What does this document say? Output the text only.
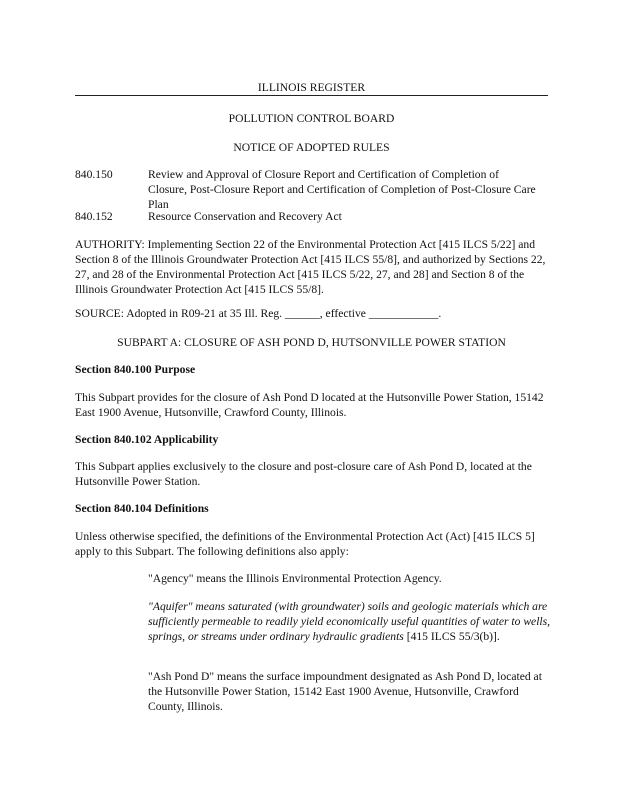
ILLINOIS REGISTER
POLLUTION CONTROL BOARD
NOTICE OF ADOPTED RULES
840.150	Review and Approval of Closure Report and Certification of Completion of Closure, Post-Closure Report and Certification of Completion of Post-Closure Care Plan
840.152	Resource Conservation and Recovery Act
AUTHORITY: Implementing Section 22 of the Environmental Protection Act [415 ILCS 5/22] and Section 8 of the Illinois Groundwater Protection Act [415 ILCS 55/8], and authorized by Sections 22, 27, and 28 of the Environmental Protection Act [415 ILCS 5/22, 27, and 28] and Section 8 of the Illinois Groundwater Protection Act [415 ILCS 55/8].
SOURCE: Adopted in R09-21 at 35 Ill. Reg. ______, effective ____________.
SUBPART A: CLOSURE OF ASH POND D, HUTSONVILLE POWER STATION
Section 840.100 Purpose
This Subpart provides for the closure of Ash Pond D located at the Hutsonville Power Station, 15142 East 1900 Avenue, Hutsonville, Crawford County, Illinois.
Section 840.102 Applicability
This Subpart applies exclusively to the closure and post-closure care of Ash Pond D, located at the Hutsonville Power Station.
Section 840.104 Definitions
Unless otherwise specified, the definitions of the Environmental Protection Act (Act) [415 ILCS 5] apply to this Subpart. The following definitions also apply:
"Agency" means the Illinois Environmental Protection Agency.
"Aquifer" means saturated (with groundwater) soils and geologic materials which are sufficiently permeable to readily yield economically useful quantities of water to wells, springs, or streams under ordinary hydraulic gradients [415 ILCS 55/3(b)].
"Ash Pond D" means the surface impoundment designated as Ash Pond D, located at the Hutsonville Power Station, 15142 East 1900 Avenue, Hutsonville, Crawford County, Illinois.
